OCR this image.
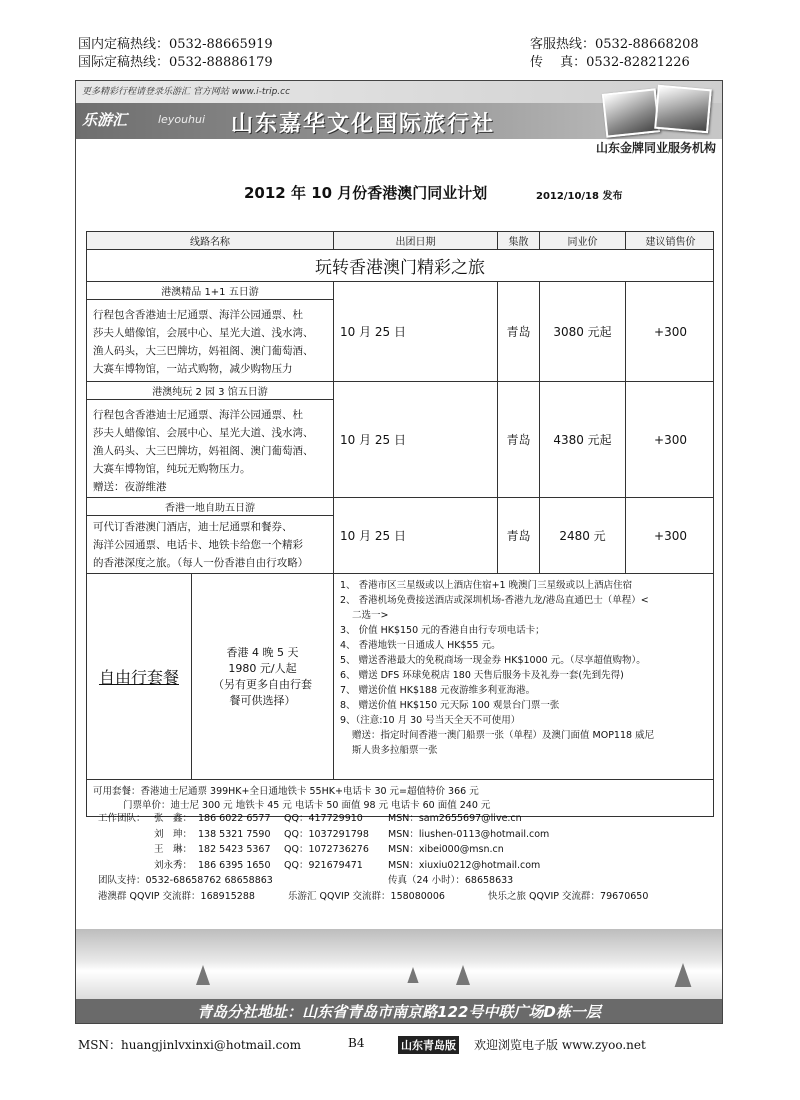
国内定稿热线：0532-88665919
国际定稿热线：0532-88886179
客服热线：0532-88668208
传　 真：0532-82821226
更多精彩行程请登录乐游汇 官方网站 www.i-trip.cc
乐游汇	leyouhui 山东嘉华文化国际旅行社
山东金牌同业服务机构
2012 年 10 月份香港澳门同业计划	2012/10/18 发布
线路名称	出团日期	集散	同业价	建议销售价
玩转香港澳门精彩之旅
港澳精品 1+1 五日游
行程包含香港迪士尼通票、海洋公园通票、杜
莎夫人蜡像馆，会展中心、星光大道、浅水湾、
渔人码头，大三巴牌坊，妈祖阁、澳门葡萄酒、
大赛车博物馆，一站式购物，减少购物压力
10 月 25 日	青岛	3080 元起	+300
港澳纯玩 2 园 3 馆五日游
行程包含香港迪士尼通票、海洋公园通票、杜
莎夫人蜡像馆、会展中心、星光大道、浅水湾、
渔人码头、大三巴牌坊，妈祖阁、澳门葡萄酒、
大赛车博物馆，纯玩无购物压力。
赠送：夜游维港
10 月 25 日	青岛	4380 元起	+300
香港一地自助五日游
可代订香港澳门酒店，迪士尼通票和餐券、
海洋公园通票、电话卡、地铁卡给您一个精彩
的香港深度之旅。（每人一份香港自由行攻略）
10 月 25 日	青岛	2480 元	+300
自由行套餐
香港 4 晚 5 天
1980 元/人起
（另有更多自由行套
餐可供选择）
1、 香港市区三星级或以上酒店住宿+1 晚澳门三星级或以上酒店住宿
2、 香港机场免费接送酒店或深圳机场-香港九龙/港岛直通巴士（单程）<
二选一>
3、 价值 HK$150 元的香港自由行专项电话卡；
4、 香港地铁一日通成人 HK$55 元。
5、 赠送香港最大的免税商场一现金券 HK$1000 元。（尽享超值购物）。
6、 赠送 DFS 环球免税店 180 天售后服务卡及礼券一套(先到先得)
7、 赠送价值 HK$188 元夜游维多利亚海港。
8、 赠送价值 HK$150 元天际 100 观景台门票一张
9、（注意:10 月 30 号当天全天不可使用）
赠送：指定时间香港一澳门船票一张（单程）及澳门面值 MOP118 威尼
斯人贵多拉船票一张
可用套餐：香港迪士尼通票 399HK+全日通地铁卡 55HK+电话卡 30 元=超值特价 366 元
门票单价：迪士尼 300 元 地铁卡 45 元 电话卡 50 面值 98 元 电话卡 60 面值 240 元
工作团队： 张　鑫： 186 6022 6577 QQ：417729910	MSN：sam2655697@live.cn
刘　珅： 138 5321 7590 QQ：1037291798 MSN：liushen-0113@hotmail.com
王　琳： 182 5423 5367 QQ：1072736276 MSN：xibei000@msn.cn
刘永秀： 186 6395 1650 QQ：921679471	MSN：xiuxiu0212@hotmail.com
团队支持：0532-68658762 68658863	传真（24 小时）：68658633
港澳群 QQVIP 交流群：168915288	乐游汇 QQVIP 交流群：158080006	快乐之旅 QQVIP 交流群：79670650
青岛分社地址：山东省青岛市南京路122号中联广场D栋一层
MSN：huangjinlvxinxi@hotmail.com	B4	山东青岛版 欢迎浏览电子版 www.zyoo.net
